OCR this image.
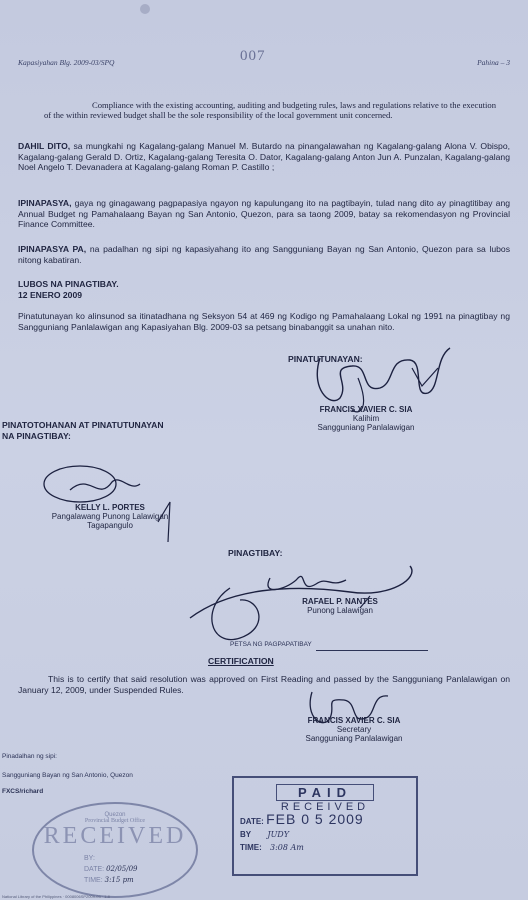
Kapasiyahan Blg. 2009-03/SPQ	007	Pahina – 3
Compliance with the existing accounting, auditing and budgeting rules, laws and regulations relative to the execution of the within reviewed budget shall be the sole responsibility of the local government unit concerned.
DAHIL DITO, sa mungkahi ng Kagalang-galang Manuel M. Butardo na pinangalawahan ng Kagalang-galang Alona V. Obispo, Kagalang-galang Gerald D. Ortiz, Kagalang-galang Teresita O. Dator, Kagalang-galang Anton Jun A. Punzalan, Kagalang-galang Noel Angelo T. Devanadera at Kagalang-galang Roman P. Castillo ;
IPINAPASYA, gaya ng ginagawang pagpapasiya ngayon ng kapulungang ito na pagtibayin, tulad nang dito ay pinagtitibay ang Annual Budget ng Pamahalaang Bayan ng San Antonio, Quezon, para sa taong 2009, batay sa rekomendasyon ng Provincial Finance Committee.
IPINAPASYA PA, na padalhan ng sipi ng kapasiyahang ito ang Sangguniang Bayan ng San Antonio, Quezon para sa lubos nitong kabatiran.
LUBOS NA PINAGTIBAY.
12 ENERO 2009
Pinatutunayan ko alinsunod sa itinatadhana ng Seksyon 54 at 469 ng Kodigo ng Pamahalaang Lokal ng 1991 na pinagtibay ng Sangguniang Panlalawigan ang Kapasiyahan Blg. 2009-03 sa petsang binabanggit sa unahan nito.
PINATUTUNAYAN:
FRANCIS XAVIER C. SIA
Kalihim
Sangguniang Panlalawigan
PINATOTOHANAN AT PINATUTUNAYAN
NA PINAGTIBAY:
KELLY L. PORTES
Pangalawang Punong Lalawigan
Tagapangulo
PINAGTIBAY:
RAFAEL P. NANTES
Punong Lalawigan
PETSA NG PAGPAPATIBAY
CERTIFICATION
This is to certify that said resolution was approved on First Reading and passed by the Sangguniang Panlalawigan on January 12, 2009, under Suspended Rules.
FRANCIS XAVIER C. SIA
Secretary
Sangguniang Panlalawigan
Pinadalhan ng sipi:
Sangguniang Bayan ng San Antonio, Quezon
FXCS/richard
Quezon
Provincial Budget Office
RECEIVED
BY:
DATE: 02/05/09
TIME: 3:15 pm
PAID
RECEIVED
DATE: FEB 0 5 2009
BY JUDY
TIME: 3:08 Am
National Library of the Philippines · 0008006SP2009-03 · 1.8
